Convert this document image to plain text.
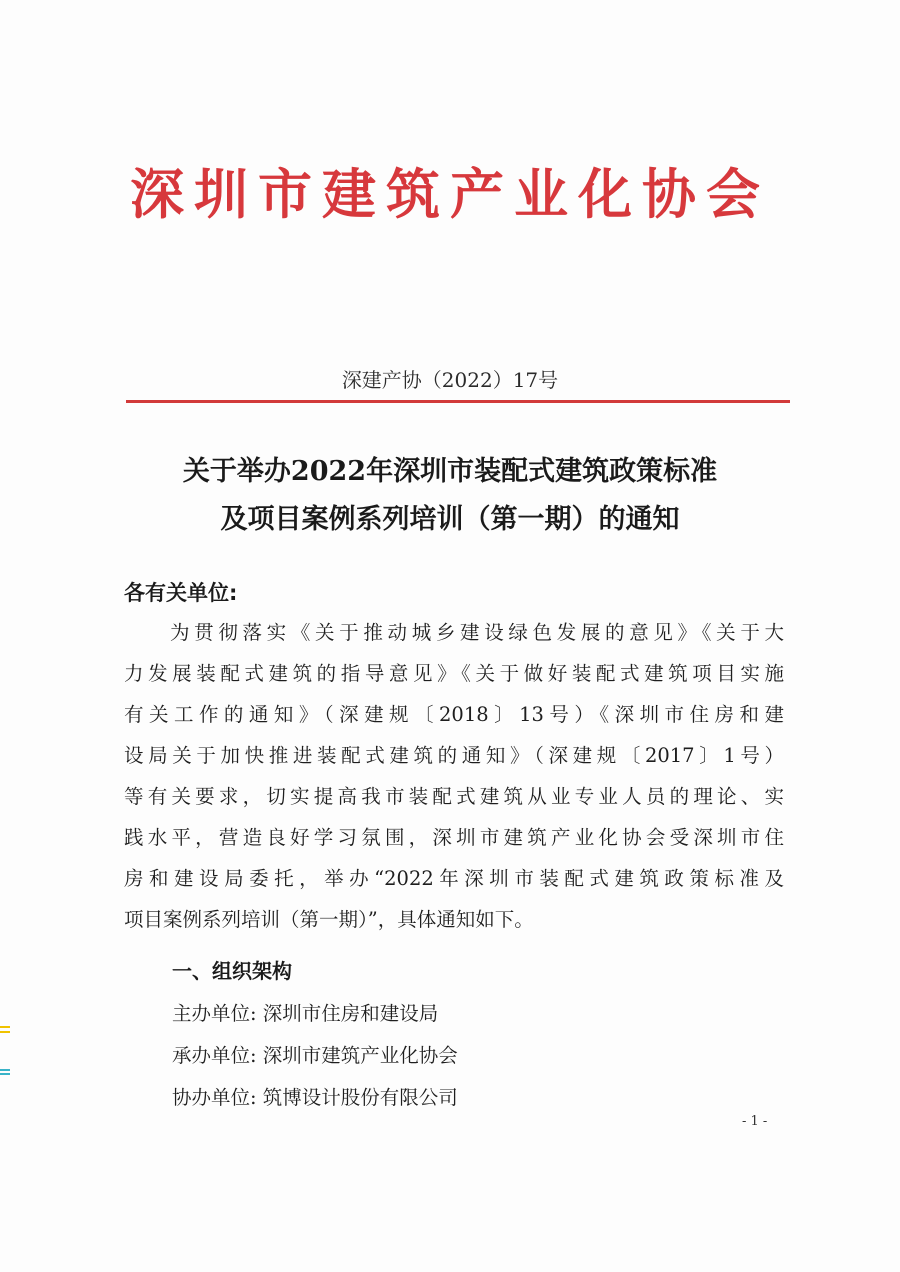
深圳市建筑产业化协会
深建产协（2022）17号
关于举办2022年深圳市装配式建筑政策标准
及项目案例系列培训（第一期）的通知
各有关单位:
为贯彻落实《关于推动城乡建设绿色发展的意见》《关于大
力发展装配式建筑的指导意见》《关于做好装配式建筑项目实施
有关工作的通知》（深建规〔2018〕13号）《深圳市住房和建
设局关于加快推进装配式建筑的通知》（深建规〔2017〕1号）
等有关要求，切实提高我市装配式建筑从业专业人员的理论、实
践水平，营造良好学习氛围，深圳市建筑产业化协会受深圳市住
房和建设局委托，举办“2022年深圳市装配式建筑政策标准及
项目案例系列培训（第一期）”，具体通知如下。
一、组织架构
主办单位: 深圳市住房和建设局
承办单位: 深圳市建筑产业化协会
协办单位: 筑博设计股份有限公司
- 1 -
